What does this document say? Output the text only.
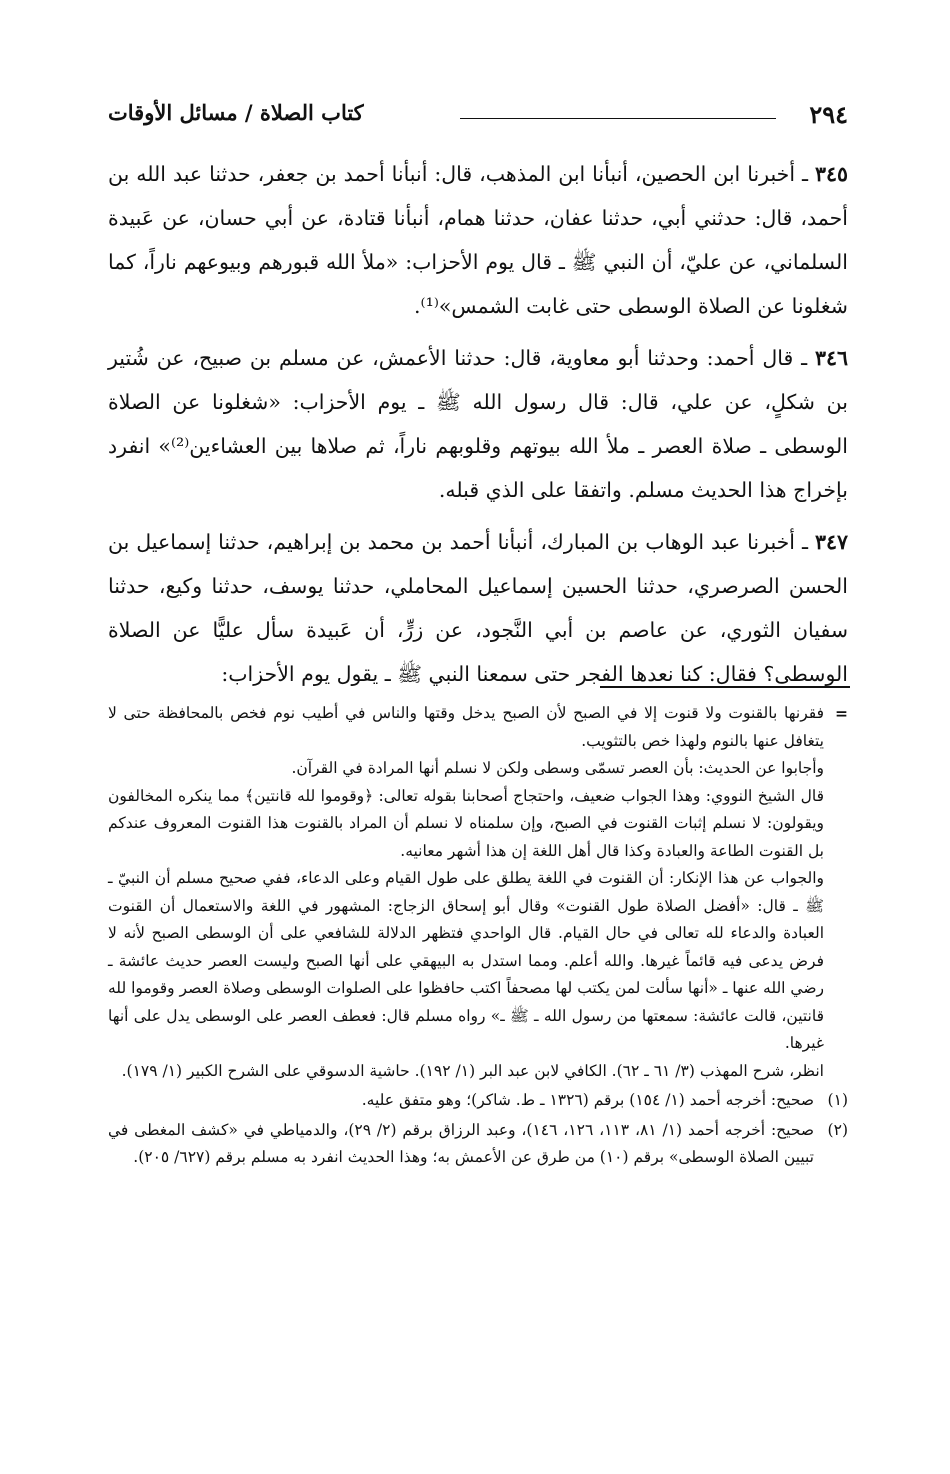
٢٩٤
كتاب الصلاة / مسائل الأوقات

٣٤٥ ـ أخبرنا ابن الحصين، أنبأنا ابن المذهب، قال: أنبأنا أحمد بن جعفر، حدثنا عبد الله بن أحمد، قال: حدثني أبي، حدثنا عفان، حدثنا همام، أنبأنا قتادة، عن أبي حسان، عن عَبيدة السلماني، عن عليّ، أن النبي ﷺ ـ قال يوم الأحزاب: «ملأ الله قبورهم وبيوعهم ناراً، كما شغلونا عن الصلاة الوسطى حتى غابت الشمس»⁽¹⁾.

٣٤٦ ـ قال أحمد: وحدثنا أبو معاوية، قال: حدثنا الأعمش، عن مسلم بن صبيح، عن شُتير بن شكلٍ، عن علي، قال: قال رسول الله ﷺ ـ يوم الأحزاب: «شغلونا عن الصلاة الوسطى ـ صلاة العصر ـ ملأ الله بيوتهم وقلوبهم ناراً، ثم صلاها بين العشاءين⁽²⁾» انفرد بإخراج هذا الحديث مسلم. واتفقا على الذي قبله.

٣٤٧ ـ أخبرنا عبد الوهاب بن المبارك، أنبأنا أحمد بن محمد بن إبراهيم، حدثنا إسماعيل بن الحسن الصرصري، حدثنا الحسين إسماعيل المحاملي، حدثنا يوسف، حدثنا وكيع، حدثنا سفيان الثوري، عن عاصم بن أبي النَّجود، عن زرٍّ، أن عَبيدة سأل عليًّا عن الصلاة الوسطى؟ فقال: كنا نعدها الفجر حتى سمعنا النبي ﷺ ـ يقول يوم الأحزاب:

=
فقرنها بالقنوت ولا قنوت إلا في الصبح لأن الصبح يدخل وقتها والناس في أطيب نوم فخص بالمحافظة حتى لا يتغافل عنها بالنوم ولهذا خص بالتثويب.

وأجابوا عن الحديث: بأن العصر تسمّى وسطى ولكن لا نسلم أنها المرادة في القرآن.

قال الشيخ النووي: وهذا الجواب ضعيف، واحتجاج أصحابنا بقوله تعالى: ﴿وقوموا لله قانتين﴾ مما ينكره المخالفون ويقولون: لا نسلم إثبات القنوت في الصبح، وإن سلمناه لا نسلم أن المراد بالقنوت هذا القنوت المعروف عندكم بل القنوت الطاعة والعبادة وكذا قال أهل اللغة إن هذا أشهر معانيه.

والجواب عن هذا الإنكار: أن القنوت في اللغة يطلق على طول القيام وعلى الدعاء، ففي صحيح مسلم أن النبيّ ـ ﷺ ـ قال: «أفضل الصلاة طول القنوت» وقال أبو إسحاق الزجاج: المشهور في اللغة والاستعمال أن القنوت العبادة والدعاء لله تعالى في حال القيام. قال الواحدي فتظهر الدلالة للشافعي على أن الوسطى الصبح لأنه لا فرض يدعى فيه قائماً غيرها. والله أعلم. ومما استدل به البيهقي على أنها الصبح وليست العصر حديث عائشة ـ رضي الله عنها ـ «أنها سألت لمن يكتب لها مصحفاً اكتب حافظوا على الصلوات الوسطى وصلاة العصر وقوموا لله قانتين، قالت عائشة: سمعتها من رسول الله ـ ﷺ ـ» رواه مسلم قال: فعطف العصر على الوسطى يدل على أنها غيرها.

انظر، شرح المهذب (٣/ ٦١ ـ ٦٢). الكافي لابن عبد البر (١/ ١٩٢). حاشية الدسوقي على الشرح الكبير (١/ ١٧٩).

(١)
صحيح: أخرجه أحمد (١/ ١٥٤) برقم (١٣٢٦ ـ ط. شاكر)؛ وهو متفق عليه.

(٢)
صحيح: أخرجه أحمد (١/ ٨١، ١١٣، ١٢٦، ١٤٦)، وعبد الرزاق برقم (٢/ ٢٩)، والدمياطي في «كشف المغطى في تبيين الصلاة الوسطى» برقم (١٠) من طرق عن الأعمش به؛ وهذا الحديث انفرد به مسلم برقم (٦٢٧/ ٢٠٥).
